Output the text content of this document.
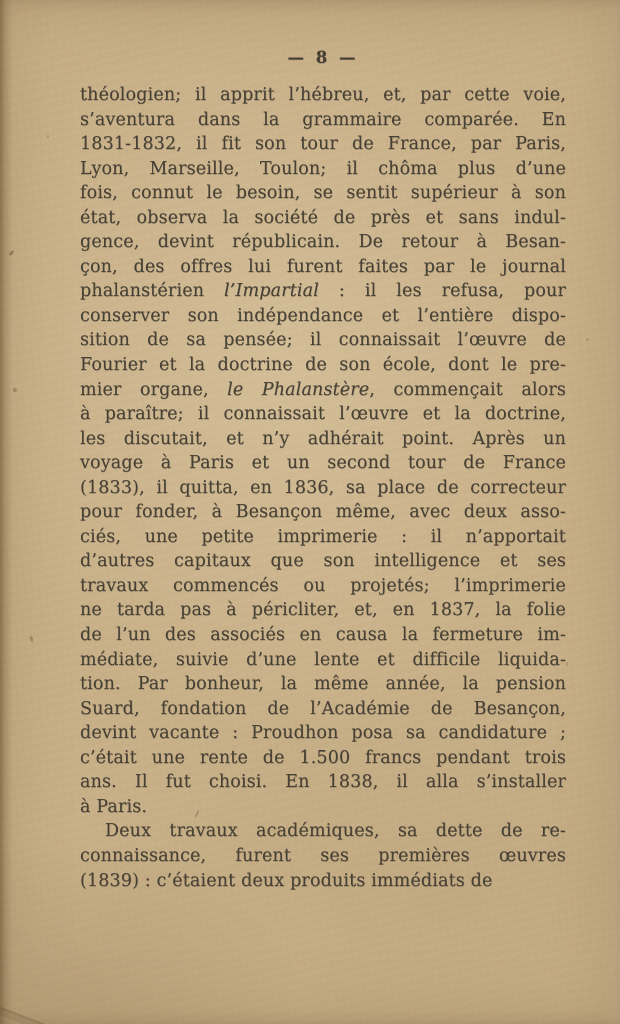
— 8 —
théologien; il apprit l’hébreu, et, par cette voie,
s’aventura dans la grammaire comparée. En
1831-1832, il fit son tour de France, par Paris,
Lyon, Marseille, Toulon; il chôma plus d’une
fois, connut le besoin, se sentit supérieur à son
état, observa la société de près et sans indul-
gence, devint républicain. De retour à Besan-
çon, des offres lui furent faites par le journal
phalanstérien l’Impartial : il les refusa, pour
conserver son indépendance et l’entière dispo-
sition de sa pensée; il connaissait l’œuvre de
Fourier et la doctrine de son école, dont le pre-
mier organe, le Phalanstère, commençait alors
à paraître; il connaissait l’œuvre et la doctrine,
les discutait, et n’y adhérait point. Après un
voyage à Paris et un second tour de France
(1833), il quitta, en 1836, sa place de correcteur
pour fonder, à Besançon même, avec deux asso-
ciés, une petite imprimerie : il n’apportait
d’autres capitaux que son intelligence et ses
travaux commencés ou projetés; l’imprimerie
ne tarda pas à péricliter, et, en 1837, la folie
de l’un des associés en causa la fermeture im-
médiate, suivie d’une lente et difficile liquida-
tion. Par bonheur, la même année, la pension
Suard, fondation de l’Académie de Besançon,
devint vacante : Proudhon posa sa candidature ;
c’était une rente de 1.500 francs pendant trois
ans. Il fut choisi. En 1838, il alla s’installer
à Paris.
Deux travaux académiques, sa dette de re-
connaissance, furent ses premières œuvres
(1839) : c’étaient deux produits immédiats de
